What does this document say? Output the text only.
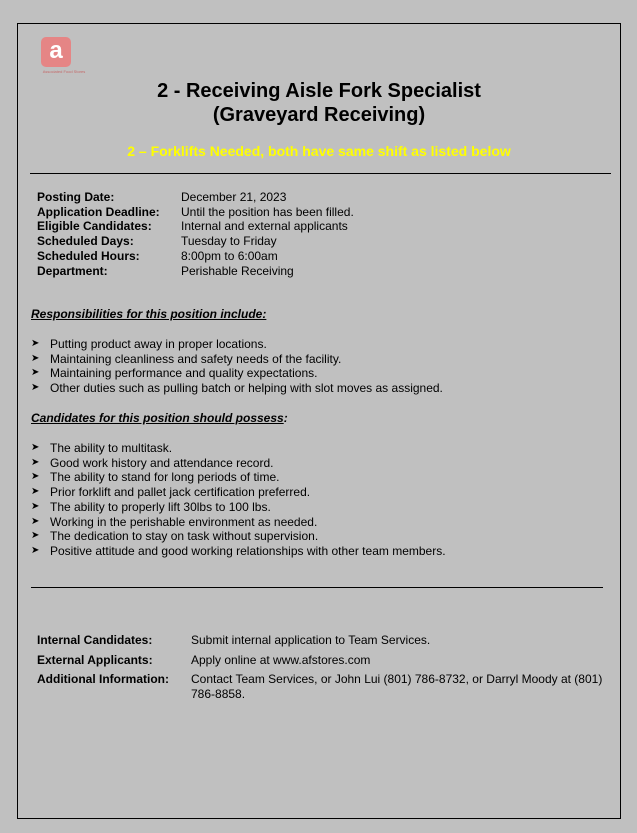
a
Associated Food Stores
2 - Receiving Aisle Fork Specialist
(Graveyard Receiving)
2 – Forklifts Needed, both have same shift as listed below
Posting Date:	December 21, 2023
Application Deadline:	Until the position has been filled.
Eligible Candidates:	Internal and external applicants
Scheduled Days:	Tuesday to Friday
Scheduled Hours:	8:00pm to 6:00am
Department:	Perishable Receiving
Responsibilities for this position include:
➤ Putting product away in proper locations.
➤ Maintaining cleanliness and safety needs of the facility.
➤ Maintaining performance and quality expectations.
➤ Other duties such as pulling batch or helping with slot moves as assigned.
Candidates for this position should possess:
➤ The ability to multitask.
➤ Good work history and attendance record.
➤ The ability to stand for long periods of time.
➤ Prior forklift and pallet jack certification preferred.
➤ The ability to properly lift 30lbs to 100 lbs.
➤ Working in the perishable environment as needed.
➤ The dedication to stay on task without supervision.
➤ Positive attitude and good working relationships with other team members.
Internal Candidates:	Submit internal application to Team Services.
External Applicants:	Apply online at www.afstores.com
Additional Information:	Contact Team Services, or John Lui (801) 786-8732, or Darryl Moody at (801) 786-8858.
